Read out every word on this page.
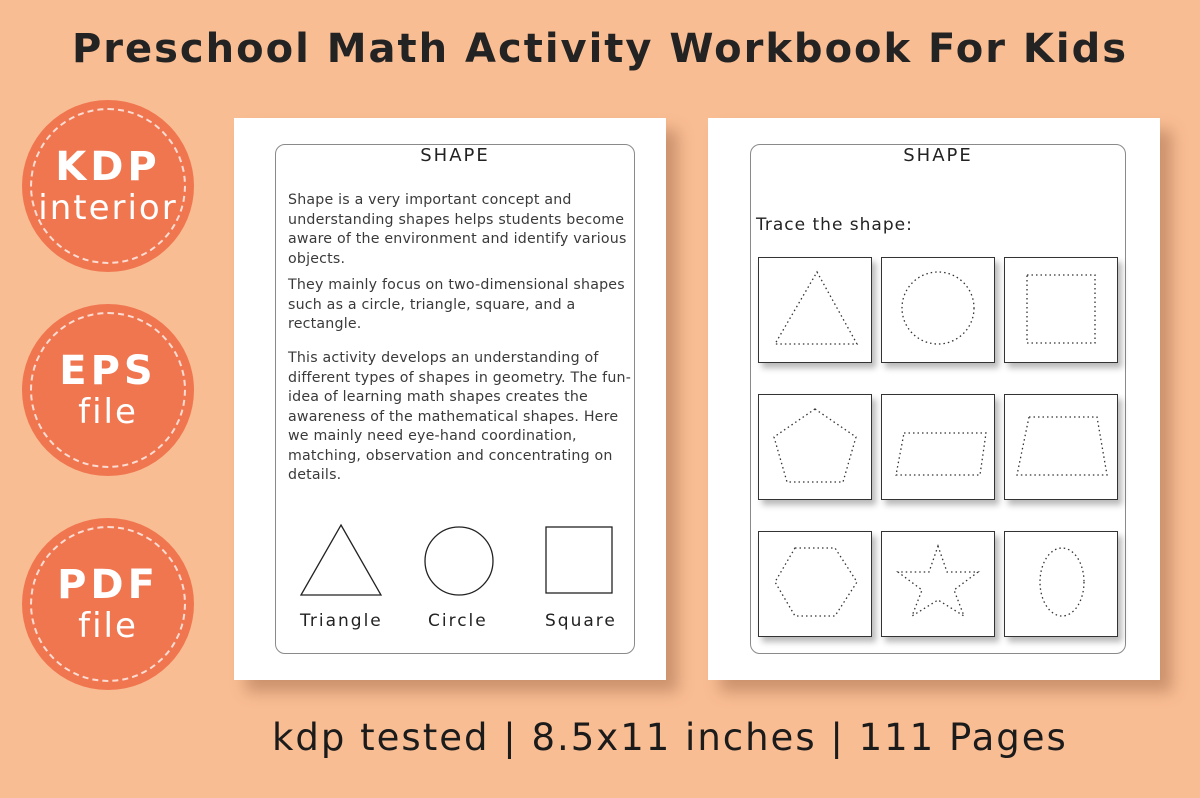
Preschool Math Activity Workbook For Kids
KDP
interior
EPS
file
PDF
file
SHAPE

Shape is a very important concept and understanding shapes helps students become aware of the environment and identify various objects.

They mainly focus on two-dimensional shapes such as a circle, triangle, square, and a rectangle.

This activity develops an understanding of different types of shapes in geometry. The fun-idea of learning math shapes creates the awareness of the mathematical shapes. Here we mainly need eye-hand coordination, matching, observation and concentrating on details.

Triangle	Circle	Square
SHAPE
Trace the shape:
kdp tested | 8.5x11 inches | 111 Pages
